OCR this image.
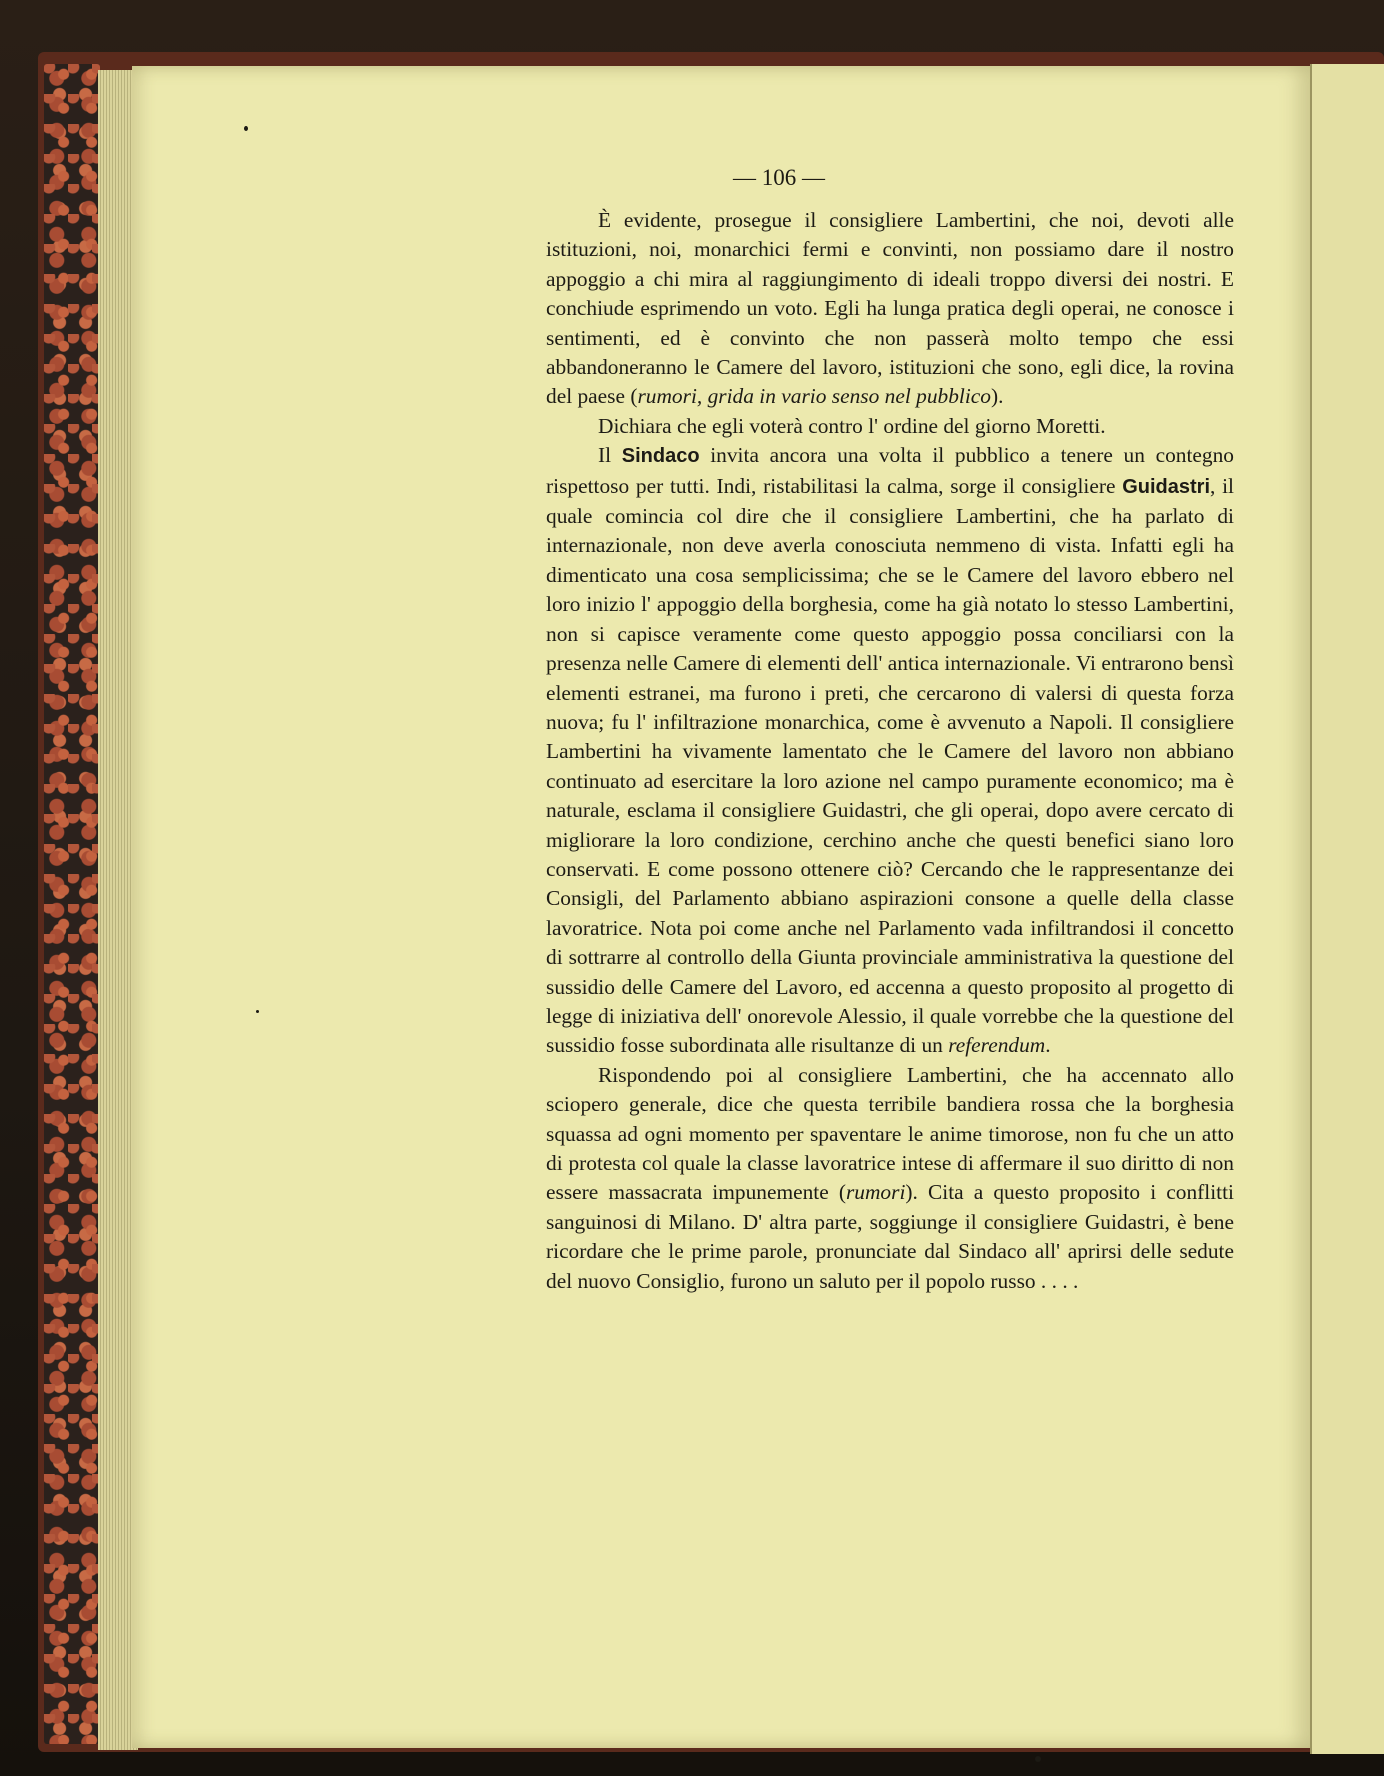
— 106 —

È evidente, prosegue il consigliere Lambertini, che noi, devoti alle istituzioni, noi, monarchici fermi e convinti, non possiamo dare il nostro appoggio a chi mira al raggiungimento di ideali troppo diversi dei nostri. E conchiude esprimendo un voto. Egli ha lunga pratica degli operai, ne conosce i sentimenti, ed è convinto che non passerà molto tempo che essi abbandoneranno le Camere del lavoro, istituzioni che sono, egli dice, la rovina del paese (rumori, grida in vario senso nel pubblico).

Dichiara che egli voterà contro l' ordine del giorno Moretti.

Il Sindaco invita ancora una volta il pubblico a tenere un contegno rispettoso per tutti. Indi, ristabilitasi la calma, sorge il consigliere Guidastri, il quale comincia col dire che il consigliere Lambertini, che ha parlato di internazionale, non deve averla conosciuta nemmeno di vista. Infatti egli ha dimenticato una cosa semplicissima; che se le Camere del lavoro ebbero nel loro inizio l' appoggio della borghesia, come ha già notato lo stesso Lambertini, non si capisce veramente come questo appoggio possa conciliarsi con la presenza nelle Camere di elementi dell' antica internazionale. Vi entrarono bensì elementi estranei, ma furono i preti, che cercarono di valersi di questa forza nuova; fu l' infiltrazione monarchica, come è avvenuto a Napoli. Il consigliere Lambertini ha vivamente lamentato che le Camere del lavoro non abbiano continuato ad esercitare la loro azione nel campo puramente economico; ma è naturale, esclama il consigliere Guidastri, che gli operai, dopo avere cercato di migliorare la loro condizione, cerchino anche che questi benefici siano loro conservati. E come possono ottenere ciò? Cercando che le rappresentanze dei Consigli, del Parlamento abbiano aspirazioni consone a quelle della classe lavoratrice. Nota poi come anche nel Parlamento vada infiltrandosi il concetto di sottrarre al controllo della Giunta provinciale amministrativa la questione del sussidio delle Camere del Lavoro, ed accenna a questo proposito al progetto di legge di iniziativa dell' onorevole Alessio, il quale vorrebbe che la questione del sussidio fosse subordinata alle risultanze di un referendum.

Rispondendo poi al consigliere Lambertini, che ha accennato allo sciopero generale, dice che questa terribile bandiera rossa che la borghesia squassa ad ogni momento per spaventare le anime timorose, non fu che un atto di protesta col quale la classe lavoratrice intese di affermare il suo diritto di non essere massacrata impunemente (rumori). Cita a questo proposito i conflitti sanguinosi di Milano. D' altra parte, soggiunge il consigliere Guidastri, è bene ricordare che le prime parole, pronunciate dal Sindaco all' aprirsi delle sedute del nuovo Consiglio, furono un saluto per il popolo russo . . . .
